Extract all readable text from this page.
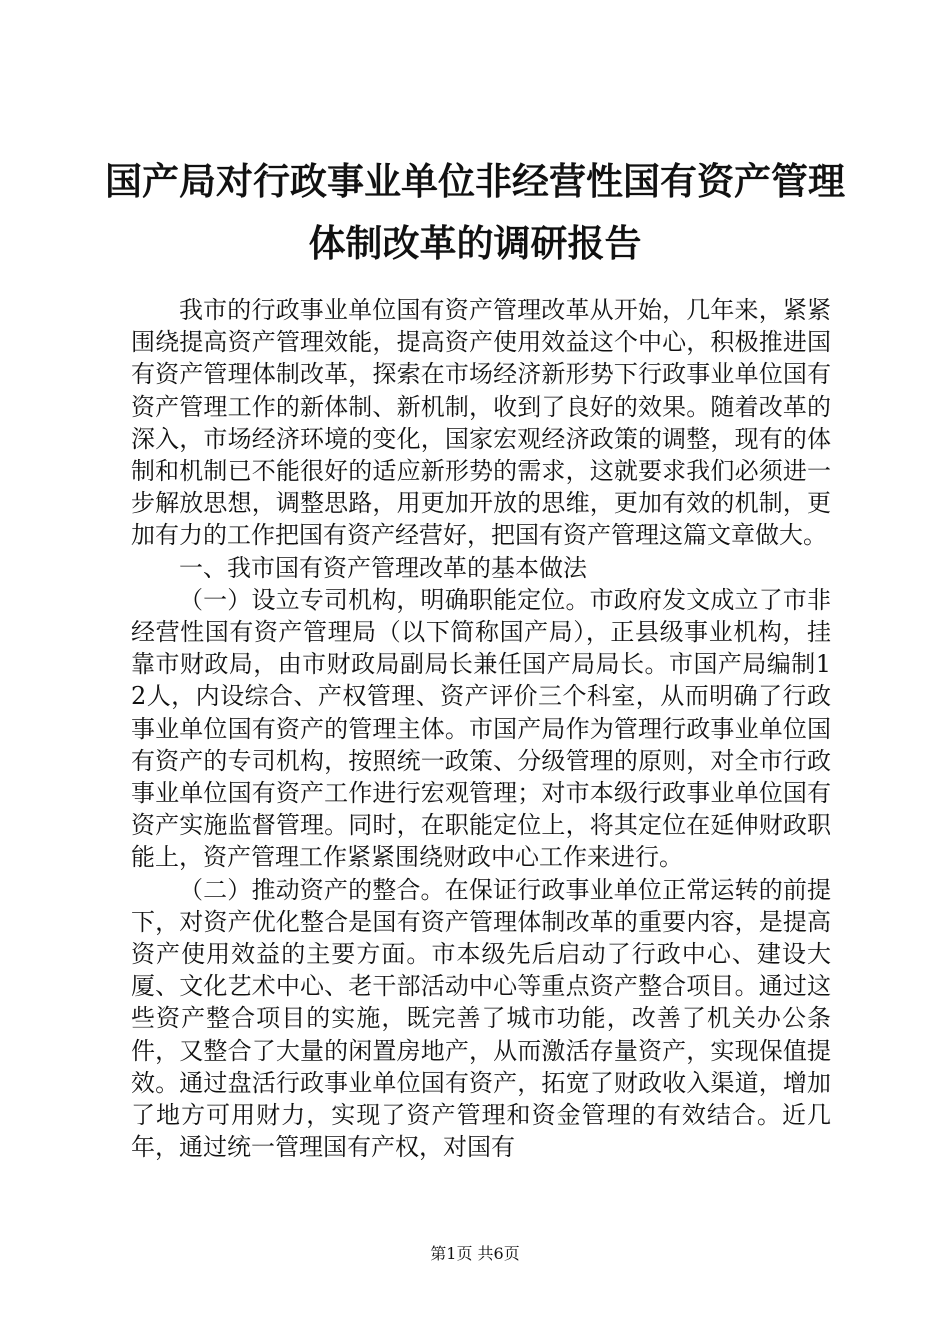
国产局对行政事业单位非经营性国有资产管理
体制改革的调研报告

我市的行政事业单位国有资产管理改革从开始，几年来，紧紧围绕提高资产管理效能，提高资产使用效益这个中心，积极推进国有资产管理体制改革，探索在市场经济新形势下行政事业单位国有资产管理工作的新体制、新机制，收到了良好的效果。随着改革的深入，市场经济环境的变化，国家宏观经济政策的调整，现有的体制和机制已不能很好的适应新形势的需求，这就要求我们必须进一步解放思想，调整思路，用更加开放的思维，更加有效的机制，更加有力的工作把国有资产经营好，把国有资产管理这篇文章做大。

一、我市国有资产管理改革的基本做法

（一）设立专司机构，明确职能定位。市政府发文成立了市非经营性国有资产管理局（以下简称国产局），正县级事业机构，挂靠市财政局，由市财政局副局长兼任国产局局长。市国产局编制12人，内设综合、产权管理、资产评价三个科室，从而明确了行政事业单位国有资产的管理主体。市国产局作为管理行政事业单位国有资产的专司机构，按照统一政策、分级管理的原则，对全市行政事业单位国有资产工作进行宏观管理；对市本级行政事业单位国有资产实施监督管理。同时，在职能定位上，将其定位在延伸财政职能上，资产管理工作紧紧围绕财政中心工作来进行。

（二）推动资产的整合。在保证行政事业单位正常运转的前提下，对资产优化整合是国有资产管理体制改革的重要内容，是提高资产使用效益的主要方面。市本级先后启动了行政中心、建设大厦、文化艺术中心、老干部活动中心等重点资产整合项目。通过这些资产整合项目的实施，既完善了城市功能，改善了机关办公条件，又整合了大量的闲置房地产，从而激活存量资产，实现保值提效。通过盘活行政事业单位国有资产，拓宽了财政收入渠道，增加了地方可用财力，实现了资产管理和资金管理的有效结合。近几年，通过统一管理国有产权，对国有

第1页 共6页
